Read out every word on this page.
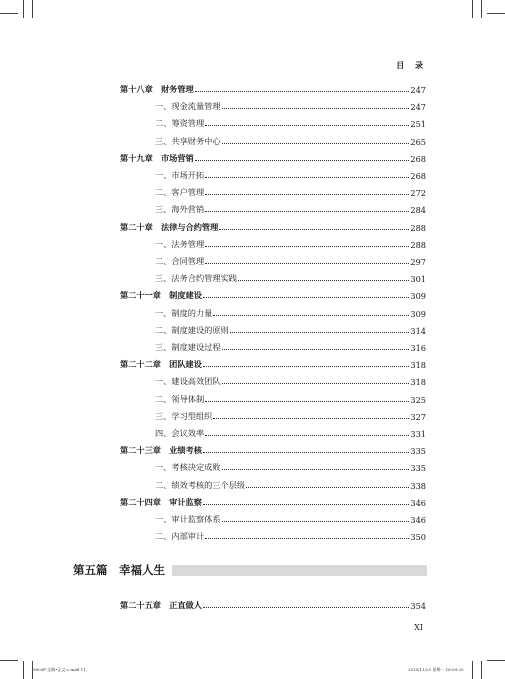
目 录
第十八章　财务管理	247
一、现金流量管理	247
二、筹资管理	251
三、共享财务中心	265
第十九章　市场营销	268
一、市场开拓	268
二、客户管理	272
三、海外营销	284
第二十章　法律与合约管理	288
一、法务管理	288
二、合同管理	297
三、法务合约管理实践	301
第二十一章　制度建设	309
一、制度的力量	309
二、制度建设的原则	314
三、制度建设过程	316
第二十二章　团队建设	318
一、建设高效团队	318
二、领导体制	325
三、学习型组织	327
四、会议效率	331
第二十三章　业绩考核	335
一、考核决定成败	335
二、绩效考核的三个层级	338
第二十四章　审计监察	346
一、审计监察体系	346
二、内部审计	350
第五篇　幸福人生
第二十五章　正直做人	354
XI
9803F-文稿•正文-c.indd 11	2019/11/25 星期一 16:09:25
